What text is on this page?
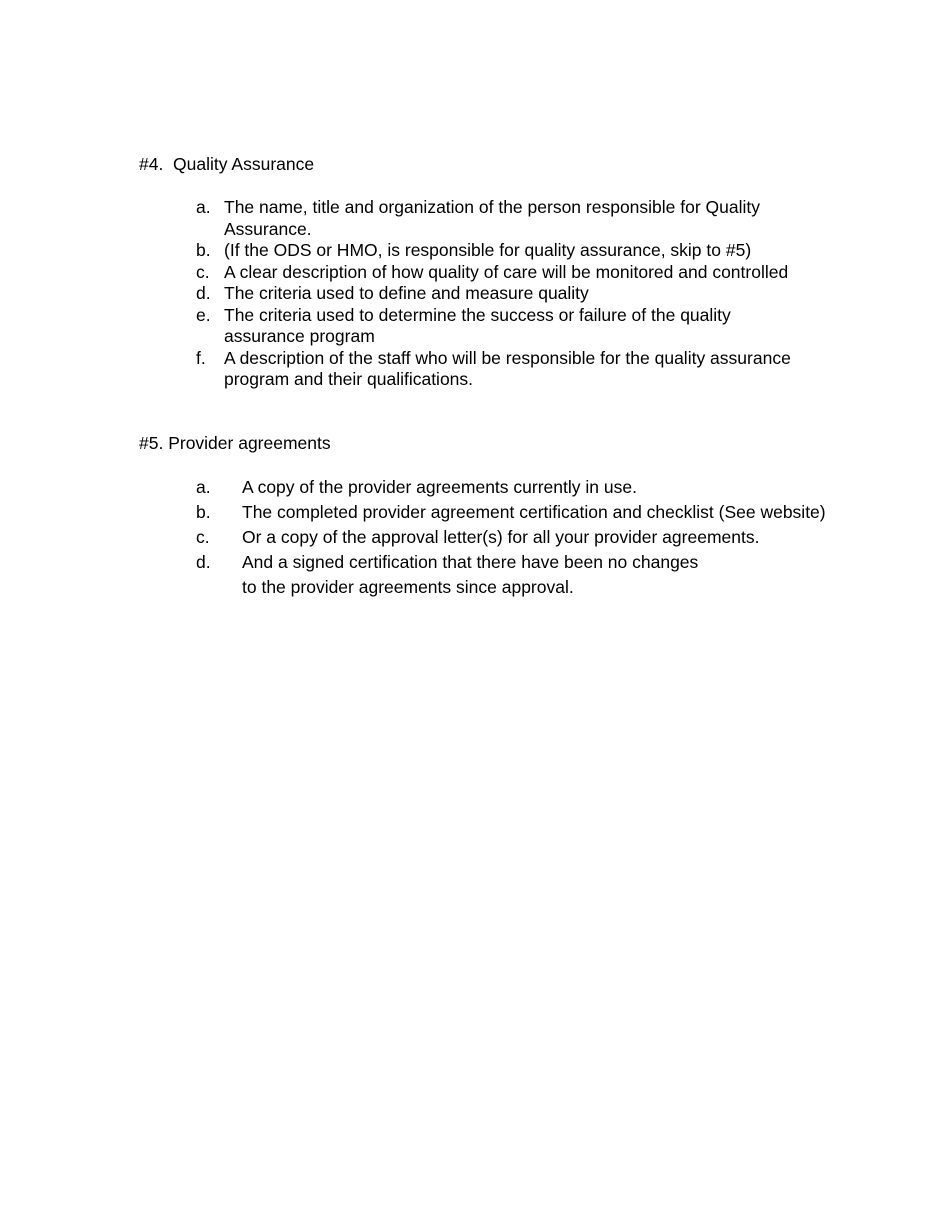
#4.  Quality Assurance
a. The name, title and organization of the person responsible for Quality Assurance.
b. (If the ODS or HMO, is responsible for quality assurance, skip to #5)
c. A clear description of how quality of care will be monitored and controlled
d. The criteria used to define and measure quality
e. The criteria used to determine the success or failure of the quality assurance program
f. A description of the staff who will be responsible for the quality assurance program and their qualifications.
#5. Provider agreements
a. A copy of the provider agreements currently in use.
b. The completed provider agreement certification and checklist (See website)
c. Or a copy of the approval letter(s) for all your provider agreements.
d. And a signed certification that there have been no changes
to the provider agreements since approval.
